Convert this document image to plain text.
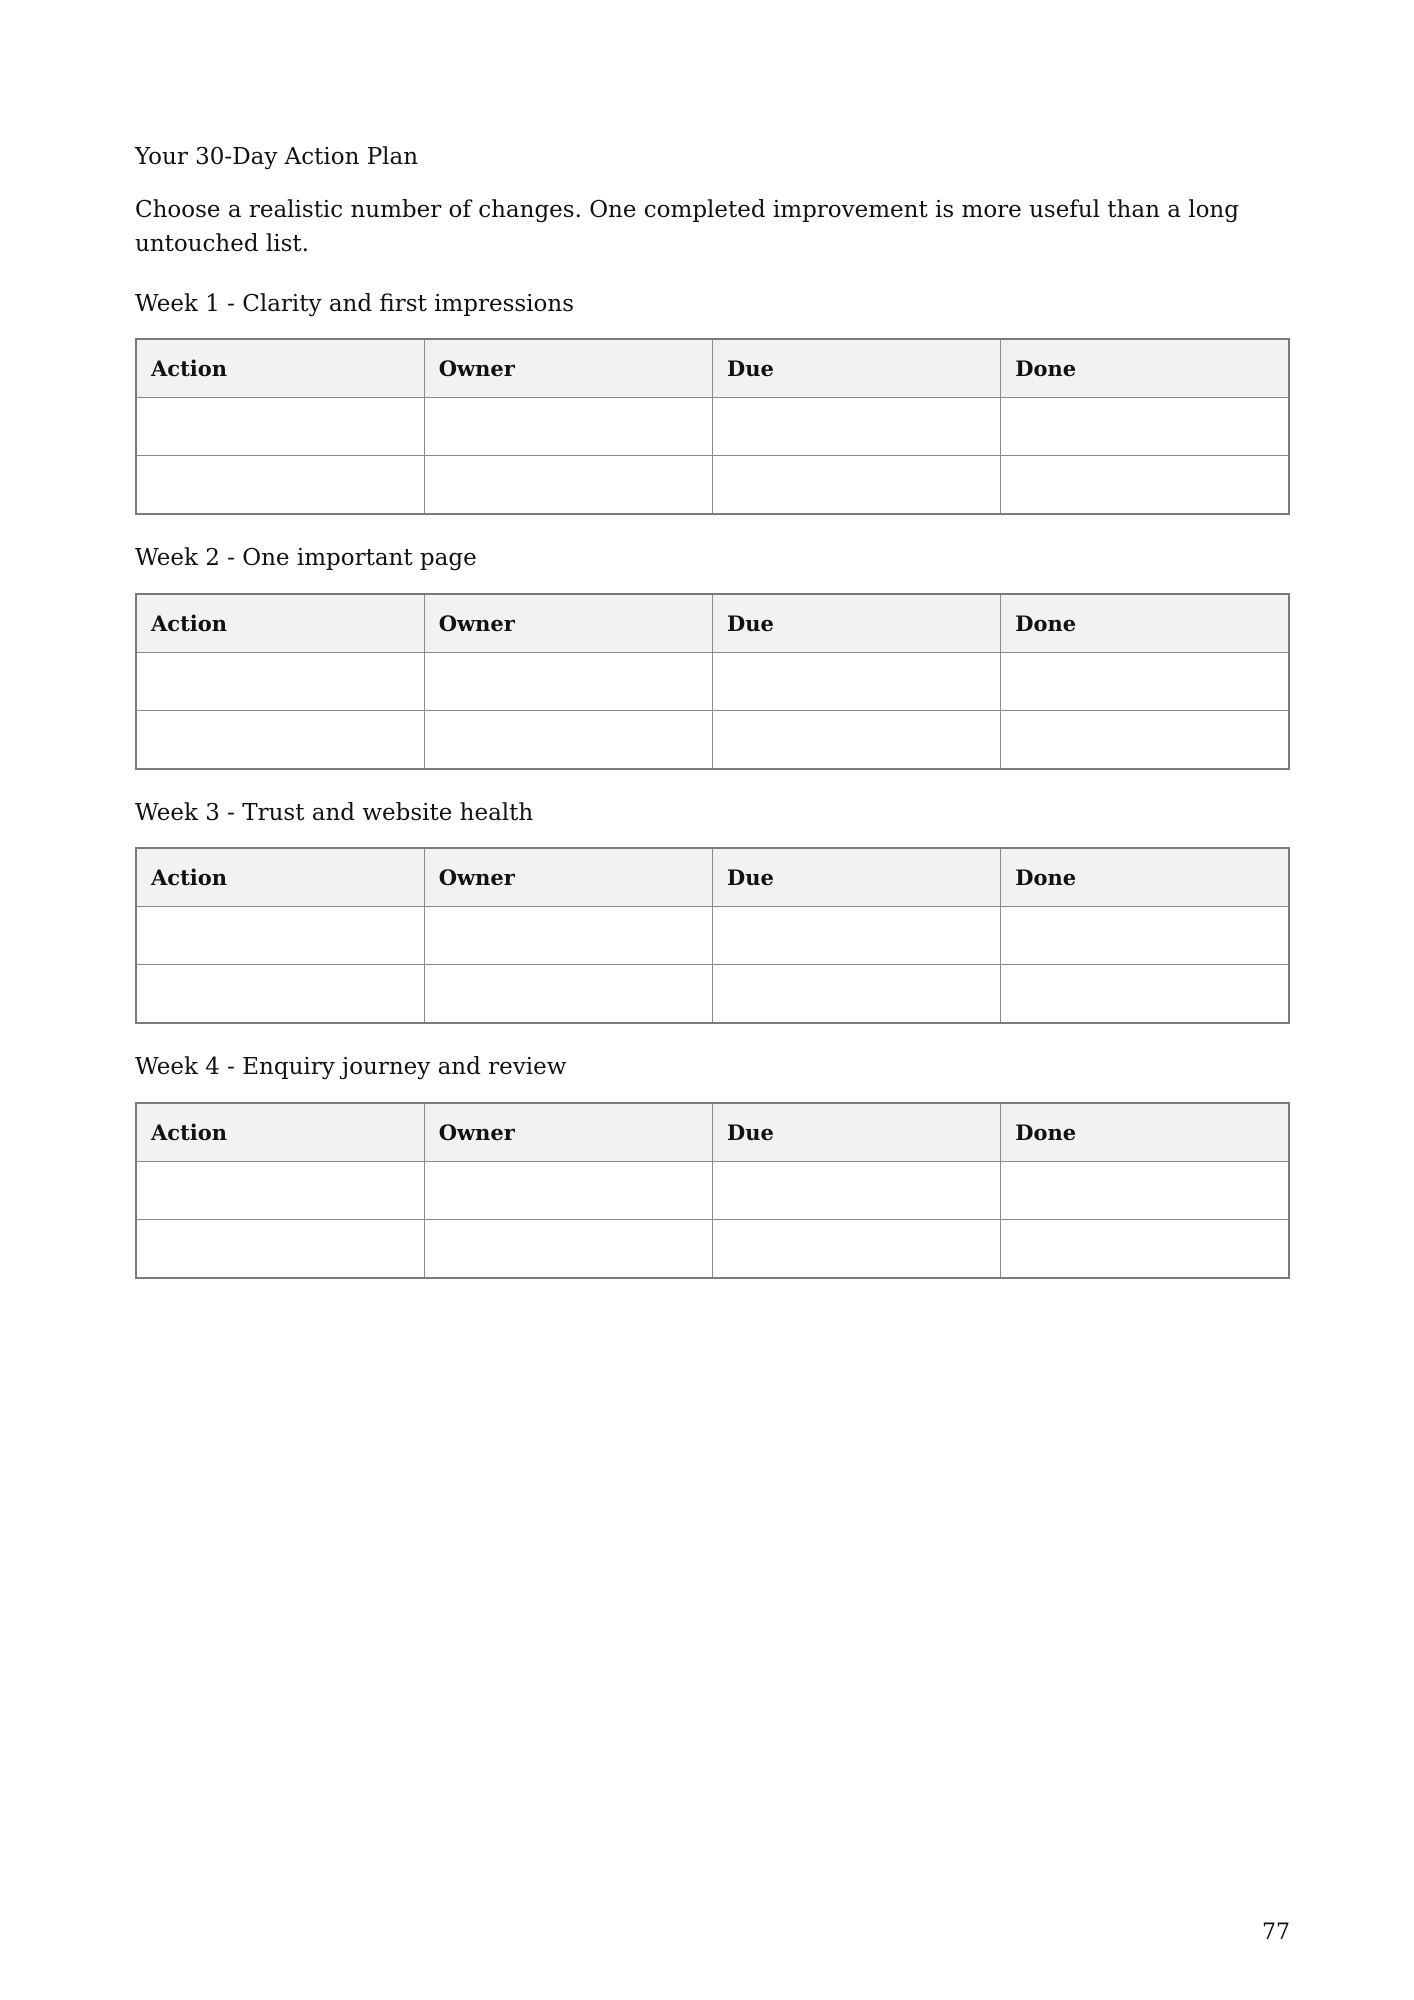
Your 30-Day Action Plan
Choose a realistic number of changes. One completed improvement is more useful than a long untouched list.
Week 1 - Clarity and first impressions
Action	Owner	Due	Done

Week 2 - One important page
Action	Owner	Due	Done

Week 3 - Trust and website health
Action	Owner	Due	Done

Week 4 - Enquiry journey and review
Action	Owner	Due	Done

77
